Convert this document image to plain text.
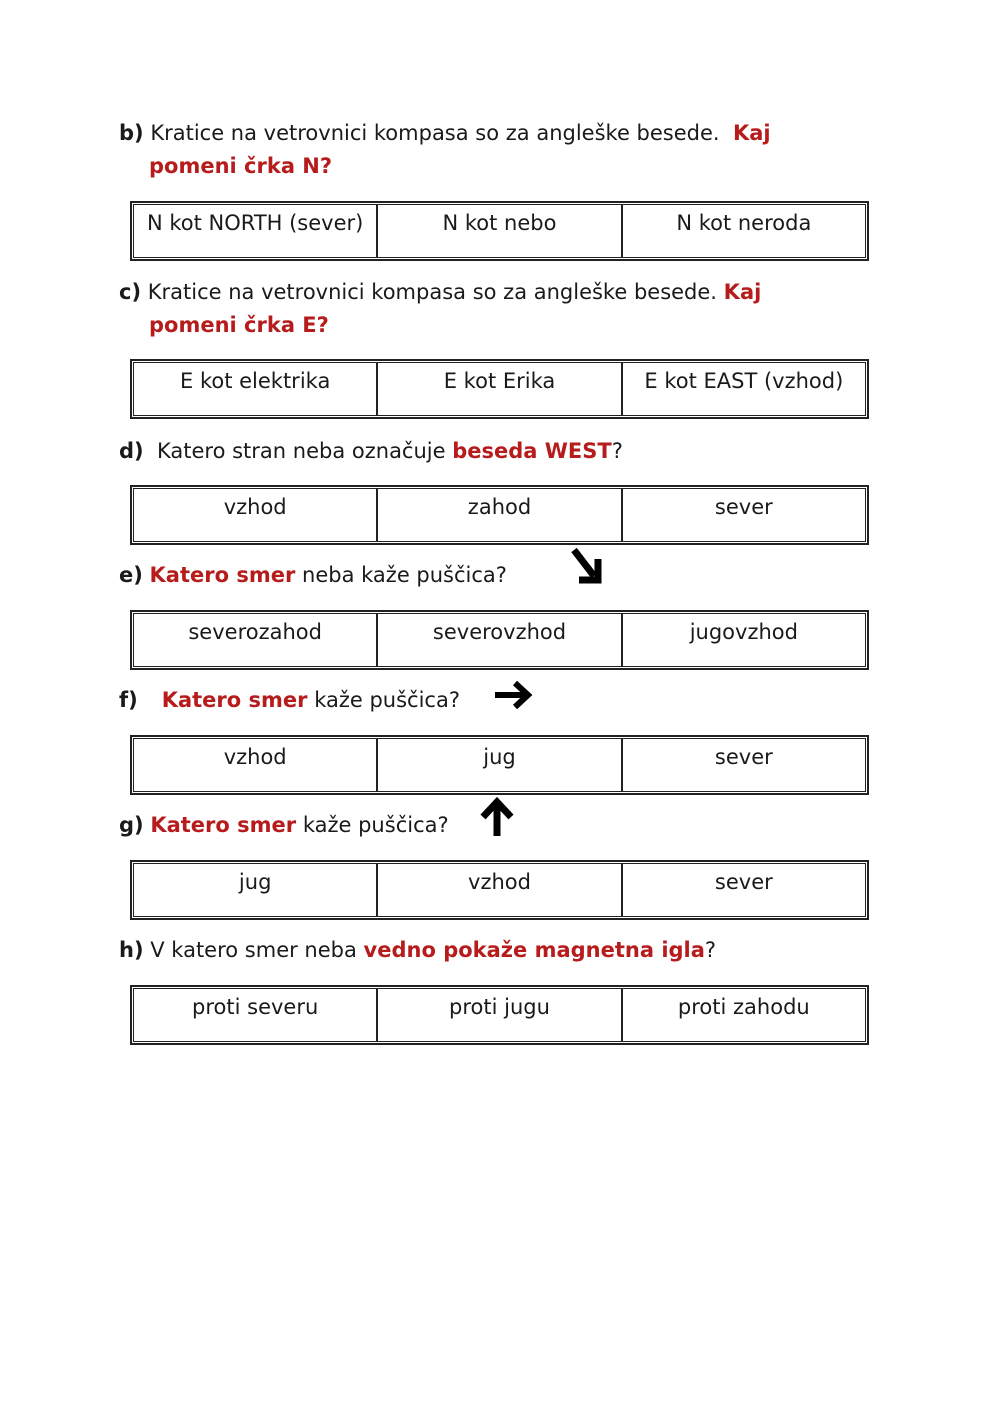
b) Kratice na vetrovnici kompasa so za angleške besede. Kaj
pomeni črka N?
N kot NORTH (sever)	N kot nebo	N kot neroda
c) Kratice na vetrovnici kompasa so za angleške besede. Kaj
pomeni črka E?
E kot elektrika	E kot Erika	E kot EAST (vzhod)
d) Katero stran neba označuje beseda WEST?
vzhod	zahod	sever
e) Katero smer neba kaže puščica?
severozahod	severovzhod	jugovzhod
f) Katero smer kaže puščica?
vzhod	jug	sever
g) Katero smer kaže puščica?
jug	vzhod	sever
h) V katero smer neba vedno pokaže magnetna igla?
proti severu	proti jugu	proti zahodu
